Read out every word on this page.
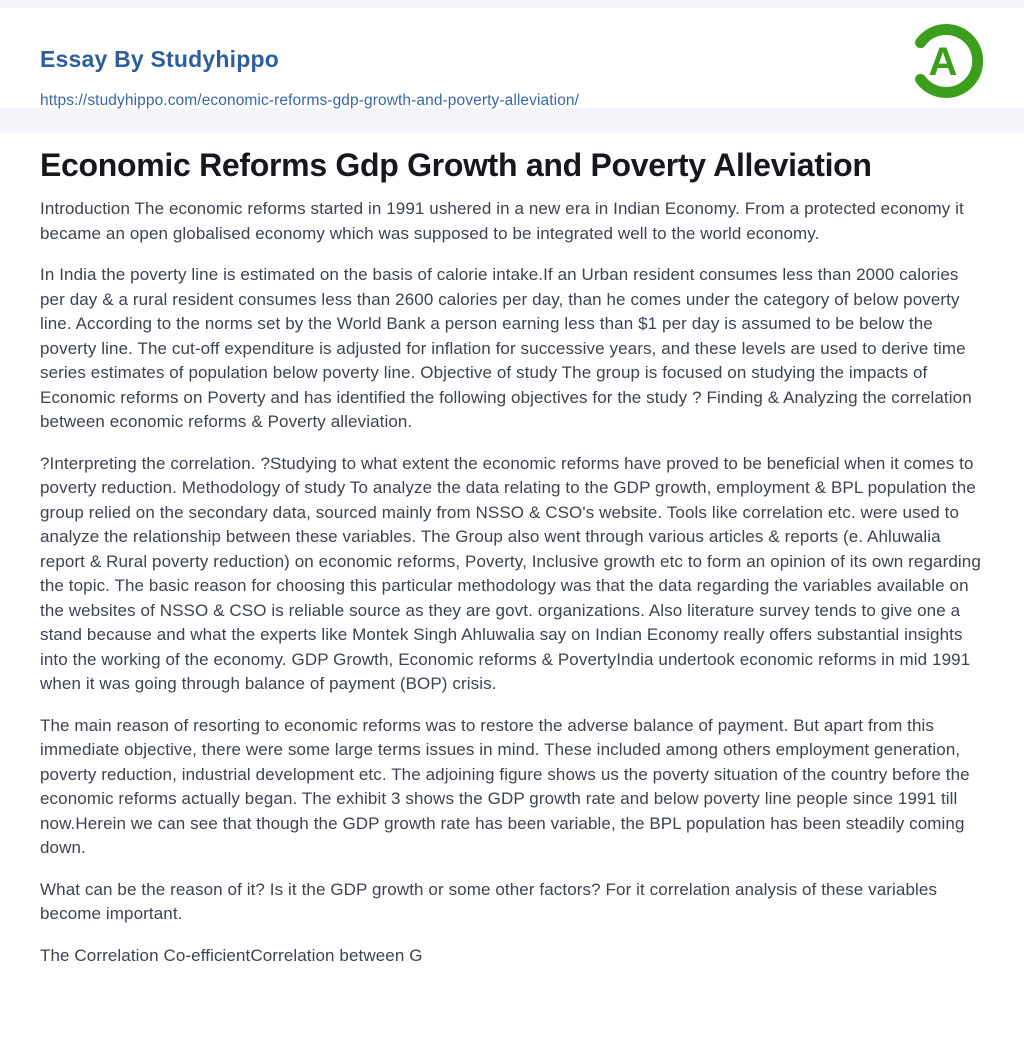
Essay By Studyhippo
https://studyhippo.com/economic-reforms-gdp-growth-and-poverty-alleviation/
A
Economic Reforms Gdp Growth and Poverty Alleviation

Introduction The economic reforms started in 1991 ushered in a new era in Indian Economy. From a protected economy it became an open globalised economy which was supposed to be integrated well to the world economy.

In India the poverty line is estimated on the basis of calorie intake.If an Urban resident consumes less than 2000 calories per day & a rural resident consumes less than 2600 calories per day, than he comes under the category of below poverty line. According to the norms set by the World Bank a person earning less than $1 per day is assumed to be below the poverty line. The cut-off expenditure is adjusted for inflation for successive years, and these levels are used to derive time series estimates of population below poverty line. Objective of study The group is focused on studying the impacts of Economic reforms on Poverty and has identified the following objectives for the study ? Finding & Analyzing the correlation between economic reforms & Poverty alleviation.

?Interpreting the correlation. ?Studying to what extent the economic reforms have proved to be beneficial when it comes to poverty reduction. Methodology of study To analyze the data relating to the GDP growth, employment & BPL population the group relied on the secondary data, sourced mainly from NSSO & CSO's website. Tools like correlation etc. were used to analyze the relationship between these variables. The Group also went through various articles & reports (e. Ahluwalia report & Rural poverty reduction) on economic reforms, Poverty, Inclusive growth etc to form an opinion of its own regarding the topic. The basic reason for choosing this particular methodology was that the data regarding the variables available on the websites of NSSO & CSO is reliable source as they are govt. organizations. Also literature survey tends to give one a stand because and what the experts like Montek Singh Ahluwalia say on Indian Economy really offers substantial insights into the working of the economy. GDP Growth, Economic reforms & PovertyIndia undertook economic reforms in mid 1991 when it was going through balance of payment (BOP) crisis.

The main reason of resorting to economic reforms was to restore the adverse balance of payment. But apart from this immediate objective, there were some large terms issues in mind. These included among others employment generation, poverty reduction, industrial development etc. The adjoining figure shows us the poverty situation of the country before the economic reforms actually began. The exhibit 3 shows the GDP growth rate and below poverty line people since 1991 till now.Herein we can see that though the GDP growth rate has been variable, the BPL population has been steadily coming down.

What can be the reason of it? Is it the GDP growth or some other factors? For it correlation analysis of these variables become important.

The Correlation Co-efficientCorrelation between G
